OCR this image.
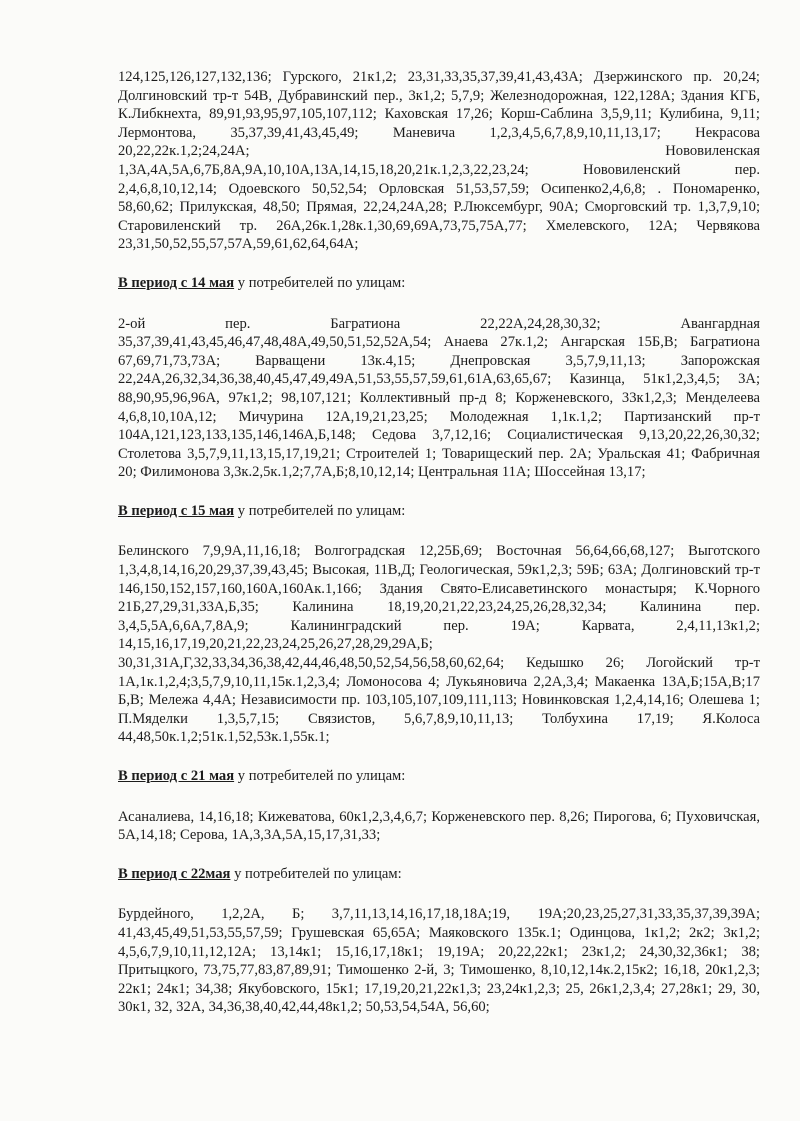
124,125,126,127,132,136; Гурского, 21к1,2; 23,31,33,35,37,39,41,43,43А; Дзержинского пр. 20,24; Долгиновский тр-т 54В, Дубравинский пер., 3к1,2; 5,7,9; Железнодорожная, 122,128А; Здания КГБ, К.Либкнехта, 89,91,93,95,97,105,107,112; Каховская 17,26; Корш-Саблина 3,5,9,11; Кулибина, 9,11; Лермонтова, 35,37,39,41,43,45,49; Маневича 1,2,3,4,5,6,7,8,9,10,11,13,17; Некрасова 20,22,22к.1,2;24,24А; Нововиленская 1,3А,4А,5А,6,7Б,8А,9А,10,10А,13А,14,15,18,20,21к.1,2,3,22,23,24; Нововиленский пер. 2,4,6,8,10,12,14; Одоевского 50,52,54; Орловская 51,53,57,59; Осипенко2,4,6,8; . Пономаренко, 58,60,62; Прилукская, 48,50; Прямая, 22,24,24А,28; Р.Люксембург, 90А; Сморговский тр. 1,3,7,9,10; Старовиленский тр. 26А,26к.1,28к.1,30,69,69А,73,75,75А,77; Хмелевского, 12А; Червякова 23,31,50,52,55,57,57А,59,61,62,64,64А;

В период с 14 мая у потребителей по улицам:

2-ой пер. Багратиона 22,22А,24,28,30,32; Авангардная 35,37,39,41,43,45,46,47,48,48А,49,50,51,52,52А,54; Анаева 27к.1,2; Ангарская 15Б,В; Багратиона 67,69,71,73,73А; Варващени 13к.4,15; Днепровская 3,5,7,9,11,13; Запорожская 22,24А,26,32,34,36,38,40,45,47,49,49А,51,53,55,57,59,61,61А,63,65,67; Казинца, 51к1,2,3,4,5; 3А; 88,90,95,96,96А, 97к1,2; 98,107,121; Коллективный пр-д 8; Корженевского, 33к1,2,3; Менделеева 4,6,8,10,10А,12; Мичурина 12А,19,21,23,25; Молодежная 1,1к.1,2; Партизанский пр-т 104А,121,123,133,135,146,146А,Б,148; Седова 3,7,12,16; Социалистическая 9,13,20,22,26,30,32; Столетова 3,5,7,9,11,13,15,17,19,21; Строителей 1; Товарищеский пер. 2А; Уральская 41; Фабричная 20; Филимонова 3,3к.2,5к.1,2;7,7А,Б;8,10,12,14; Центральная 11А; Шоссейная 13,17;

В период с 15 мая у потребителей по улицам:

Белинского 7,9,9А,11,16,18; Волгоградская 12,25Б,69; Восточная 56,64,66,68,127; Выготского 1,3,4,8,14,16,20,29,37,39,43,45; Высокая, 11В,Д; Геологическая, 59к1,2,3; 59Б; 63А; Долгиновский тр-т 146,150,152,157,160,160А,160Ак.1,166; Здания Свято-Елисаветинского монастыря; К.Чорного 21Б,27,29,31,33А,Б,35; Калинина 18,19,20,21,22,23,24,25,26,28,32,34; Калинина пер. 3,4,5,5А,6,6А,7,8А,9; Калининградский пер. 19А; Карвата, 2,4,11,13к1,2; 14,15,16,17,19,20,21,22,23,24,25,26,27,28,29,29А,Б; 30,31,31А,Г,32,33,34,36,38,42,44,46,48,50,52,54,56,58,60,62,64; Кедышко 26; Логойский тр-т 1А,1к.1,2,4;3,5,7,9,10,11,15к.1,2,3,4; Ломоносова 4; Лукьяновича 2,2А,3,4; Макаенка 13А,Б;15А,В;17 Б,В; Мележа 4,4А; Независимости пр. 103,105,107,109,111,113; Новинковская 1,2,4,14,16; Олешева 1; П.Мяделки 1,3,5,7,15; Связистов, 5,6,7,8,9,10,11,13; Толбухина 17,19; Я.Колоса 44,48,50к.1,2;51к.1,52,53к.1,55к.1;

В период с 21 мая у потребителей по улицам:

Асаналиева, 14,16,18; Кижеватова, 60к1,2,3,4,6,7; Корженевского пер. 8,26; Пирогова, 6; Пуховичская, 5А,14,18; Серова, 1А,3,3А,5А,15,17,31,33;

В период с 22мая у потребителей по улицам:

Бурдейного, 1,2,2А, Б; 3,7,11,13,14,16,17,18,18А;19, 19А;20,23,25,27,31,33,35,37,39,39А; 41,43,45,49,51,53,55,57,59; Грушевская 65,65А; Маяковского 135к.1; Одинцова, 1к1,2; 2к2; 3к1,2; 4,5,6,7,9,10,11,12,12А; 13,14к1; 15,16,17,18к1; 19,19А; 20,22,22к1; 23к1,2; 24,30,32,36к1; 38; Притыцкого, 73,75,77,83,87,89,91; Тимошенко 2-й, 3; Тимошенко, 8,10,12,14к.2,15к2; 16,18, 20к1,2,3; 22к1; 24к1; 34,38; Якубовского, 15к1; 17,19,20,21,22к1,3; 23,24к1,2,3; 25, 26к1,2,3,4; 27,28к1; 29, 30, 30к1, 32, 32А, 34,36,38,40,42,44,48к1,2; 50,53,54,54А, 56,60;
